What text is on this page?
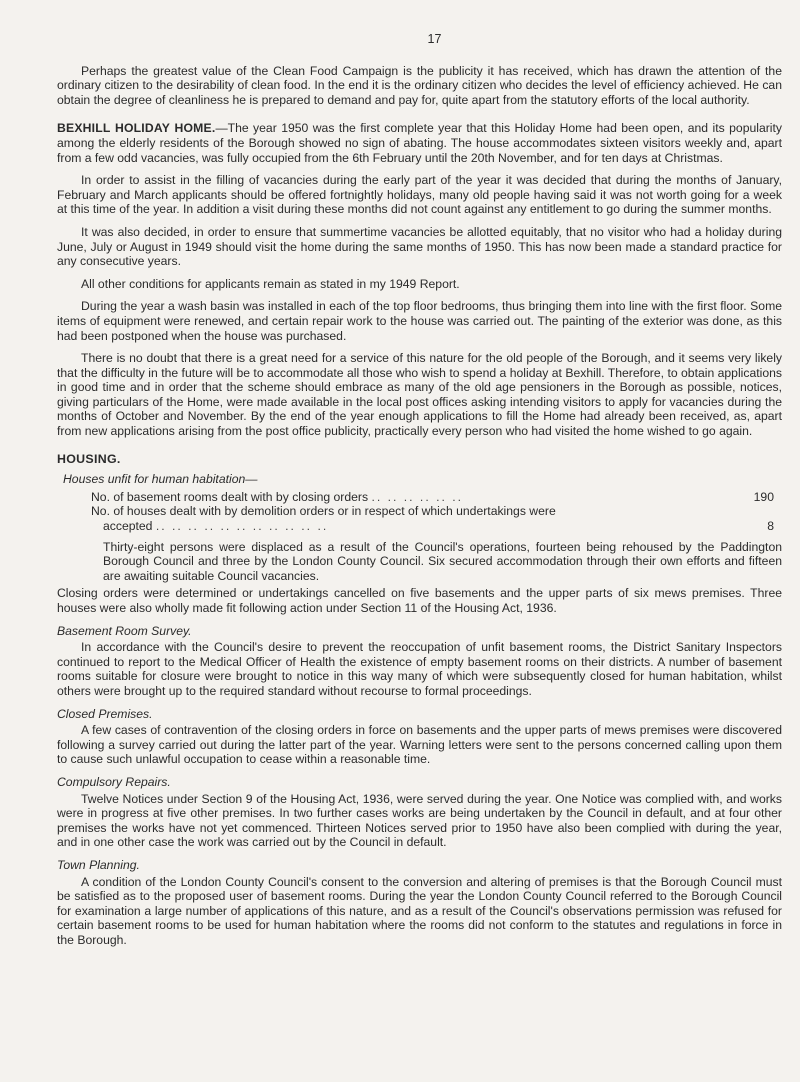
17

Perhaps the greatest value of the Clean Food Campaign is the publicity it has received, which has drawn the attention of the ordinary citizen to the desirability of clean food. In the end it is the ordinary citizen who decides the level of efficiency achieved. He can obtain the degree of cleanliness he is prepared to demand and pay for, quite apart from the statutory efforts of the local authority.

BEXHILL HOLIDAY HOME.—The year 1950 was the first complete year that this Holiday Home had been open, and its popularity among the elderly residents of the Borough showed no sign of abating. The house accommodates sixteen visitors weekly and, apart from a few odd vacancies, was fully occupied from the 6th February until the 20th November, and for ten days at Christmas.

In order to assist in the filling of vacancies during the early part of the year it was decided that during the months of January, February and March applicants should be offered fortnightly holidays, many old people having said it was not worth going for a week at this time of the year. In addition a visit during these months did not count against any entitlement to go during the summer months.

It was also decided, in order to ensure that summertime vacancies be allotted equitably, that no visitor who had a holiday during June, July or August in 1949 should visit the home during the same months of 1950. This has now been made a standard practice for any consecutive years.

All other conditions for applicants remain as stated in my 1949 Report.

During the year a wash basin was installed in each of the top floor bedrooms, thus bringing them into line with the first floor. Some items of equipment were renewed, and certain repair work to the house was carried out. The painting of the exterior was done, as this had been postponed when the house was purchased.

There is no doubt that there is a great need for a service of this nature for the old people of the Borough, and it seems very likely that the difficulty in the future will be to accommodate all those who wish to spend a holiday at Bexhill. Therefore, to obtain applications in good time and in order that the scheme should embrace as many of the old age pensioners in the Borough as possible, notices, giving particulars of the Home, were made available in the local post offices asking intending visitors to apply for vacancies during the months of October and November. By the end of the year enough applications to fill the Home had already been received, as, apart from new applications arising from the post office publicity, practically every person who had visited the home wished to go again.

HOUSING.
Houses unfit for human habitation—
No. of basement rooms dealt with by closing orders .. .. .. .. .. ..	190
No. of houses dealt with by demolition orders or in respect of which undertakings were
accepted .. .. .. .. .. .. .. .. .. .. ..	8
Thirty-eight persons were displaced as a result of the Council's operations, fourteen being rehoused by the Paddington Borough Council and three by the London County Council. Six secured accommodation through their own efforts and fifteen are awaiting suitable Council vacancies.

Closing orders were determined or undertakings cancelled on five basements and the upper parts of six mews premises. Three houses were also wholly made fit following action under Section 11 of the Housing Act, 1936.

Basement Room Survey.

In accordance with the Council's desire to prevent the reoccupation of unfit basement rooms, the District Sanitary Inspectors continued to report to the Medical Officer of Health the existence of empty basement rooms on their districts. A number of basement rooms suitable for closure were brought to notice in this way many of which were subsequently closed for human habitation, whilst others were brought up to the required standard without recourse to formal proceedings.

Closed Premises.

A few cases of contravention of the closing orders in force on basements and the upper parts of mews premises were discovered following a survey carried out during the latter part of the year. Warning letters were sent to the persons concerned calling upon them to cause such unlawful occupation to cease within a reasonable time.

Compulsory Repairs.

Twelve Notices under Section 9 of the Housing Act, 1936, were served during the year. One Notice was complied with, and works were in progress at five other premises. In two further cases works are being undertaken by the Council in default, and at four other premises the works have not yet commenced. Thirteen Notices served prior to 1950 have also been complied with during the year, and in one other case the work was carried out by the Council in default.

Town Planning.

A condition of the London County Council's consent to the conversion and altering of premises is that the Borough Council must be satisfied as to the proposed user of basement rooms. During the year the London County Council referred to the Borough Council for examination a large number of applications of this nature, and as a result of the Council's observations permission was refused for certain basement rooms to be used for human habitation where the rooms did not conform to the statutes and regulations in force in the Borough.
